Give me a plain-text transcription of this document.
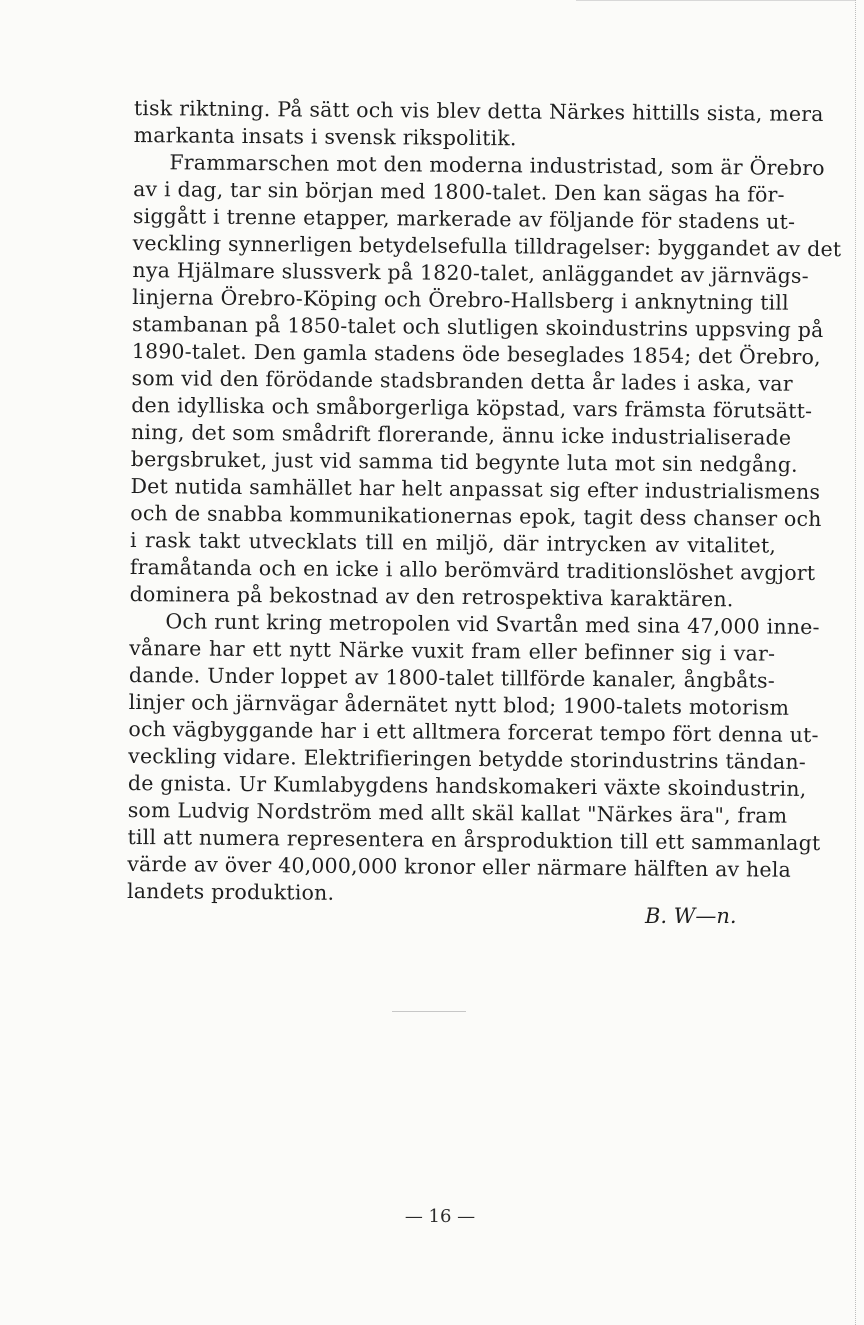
tisk riktning. På sätt och vis blev detta Närkes hittills sista, mera
markanta insats i svensk rikspolitik.
Frammarschen mot den moderna industristad, som är Örebro
av i dag, tar sin början med 1800-talet. Den kan sägas ha för-
siggått i trenne etapper, markerade av följande för stadens ut-
veckling synnerligen betydelsefulla tilldragelser: byggandet av det
nya Hjälmare slussverk på 1820-talet, anläggandet av järnvägs-
linjerna Örebro-Köping och Örebro-Hallsberg i anknytning till
stambanan på 1850-talet och slutligen skoindustrins uppsving på
1890-talet. Den gamla stadens öde beseglades 1854; det Örebro,
som vid den förödande stadsbranden detta år lades i aska, var
den idylliska och småborgerliga köpstad, vars främsta förutsätt-
ning, det som smådrift florerande, ännu icke industrialiserade
bergsbruket, just vid samma tid begynte luta mot sin nedgång.
Det nutida samhället har helt anpassat sig efter industrialismens
och de snabba kommunikationernas epok, tagit dess chanser och
i rask takt utvecklats till en miljö, där intrycken av vitalitet,
framåtanda och en icke i allo berömvärd traditionslöshet avgjort
dominera på bekostnad av den retrospektiva karaktären.
Och runt kring metropolen vid Svartån med sina 47,000 inne-
vånare har ett nytt Närke vuxit fram eller befinner sig i var-
dande. Under loppet av 1800-talet tillförde kanaler, ångbåts-
linjer och järnvägar ådernätet nytt blod; 1900-talets motorism
och vägbyggande har i ett alltmera forcerat tempo fört denna ut-
veckling vidare. Elektrifieringen betydde storindustrins tändan-
de gnista. Ur Kumlabygdens handskomakeri växte skoindustrin,
som Ludvig Nordström med allt skäl kallat "Närkes ära", fram
till att numera representera en årsproduktion till ett sammanlagt
värde av över 40,000,000 kronor eller närmare hälften av hela
landets produktion.
B. W—n.
— 16 —
